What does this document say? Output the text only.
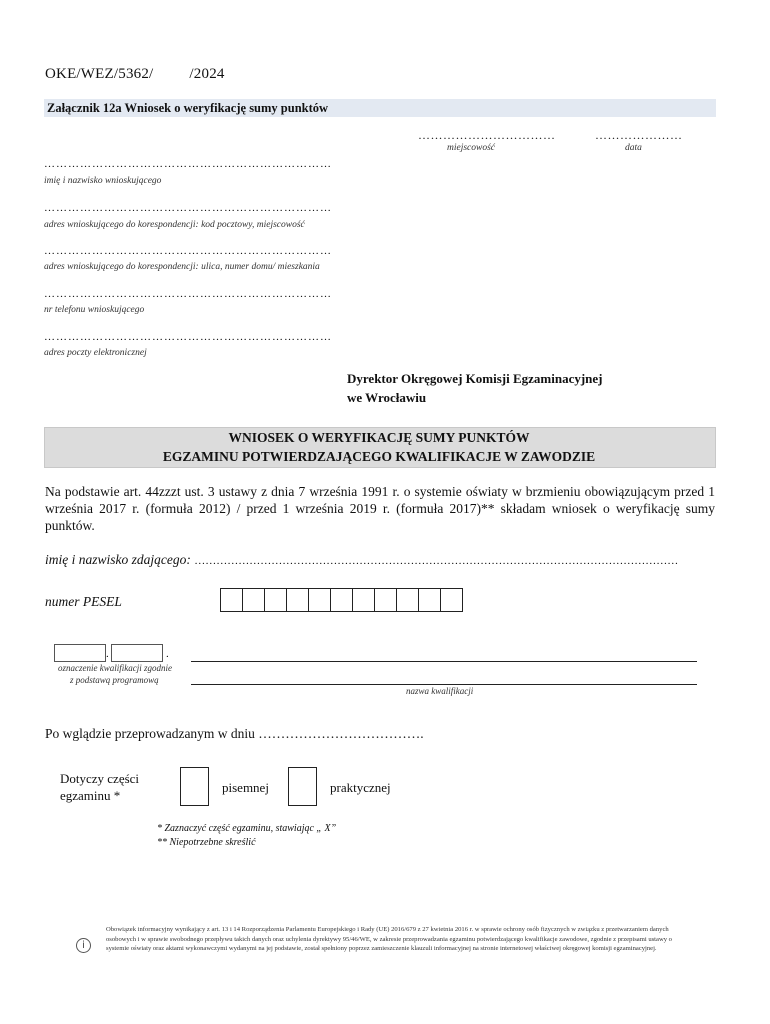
OKE/WEZ/5362/ /2024
Załącznik 12a Wniosek o weryfikację sumy punktów
……………………………	…………………
miejscowość	data
………………………………………………………………
imię i nazwisko wnioskującego
………………………………………………………………
adres wnioskującego do korespondencji: kod pocztowy, miejscowość
………………………………………………………………
adres wnioskującego do korespondencji: ulica, numer domu/ mieszkania
………………………………………………………………
nr telefonu wnioskującego
………………………………………………………………
adres poczty elektronicznej
Dyrektor Okręgowej Komisji Egzaminacyjnej
we Wrocławiu
WNIOSEK O WERYFIKACJĘ SUMY PUNKTÓW
EGZAMINU POTWIERDZAJĄCEGO KWALIFIKACJE W ZAWODZIE
Na podstawie art. 44zzzt ust. 3 ustawy z dnia 7 września 1991 r. o systemie oświaty w brzmieniu obowiązującym przed 1 września 2017 r. (formuła 2012) / przed 1 września 2019 r. (formuła 2017)** składam wniosek o weryfikację sumy punktów.
imię i nazwisko zdającego: ……………………………………………………………………………………………………………………
numer PESEL
.	.
oznaczenie kwalifikacji zgodnie
z podstawą programową
nazwa kwalifikacji
Po wglądzie przeprowadzanym w dniu ……………………………….
Dotyczy części
egzaminu *
pisemnej	praktycznej
* Zaznaczyć część egzaminu, stawiając „ X”
** Niepotrzebne skreślić
i
Obowiązek informacyjny wynikający z art. 13 i 14 Rozporządzenia Parlamentu Europejskiego i Rady (UE) 2016/679 z 27 kwietnia 2016 r. w sprawie ochrony osób fizycznych w związku z przetwarzaniem danych osobowych i w sprawie swobodnego przepływu takich danych oraz uchylenia dyrektywy 95/46/WE, w zakresie przeprowadzania egzaminu potwierdzającego kwalifikacje zawodowe, zgodnie z przepisami ustawy o systemie oświaty oraz aktami wykonawczymi wydanymi na jej podstawie, został spełniony poprzez zamieszczenie klauzuli informacyjnej na stronie internetowej właściwej okręgowej komisji egzaminacyjnej.
